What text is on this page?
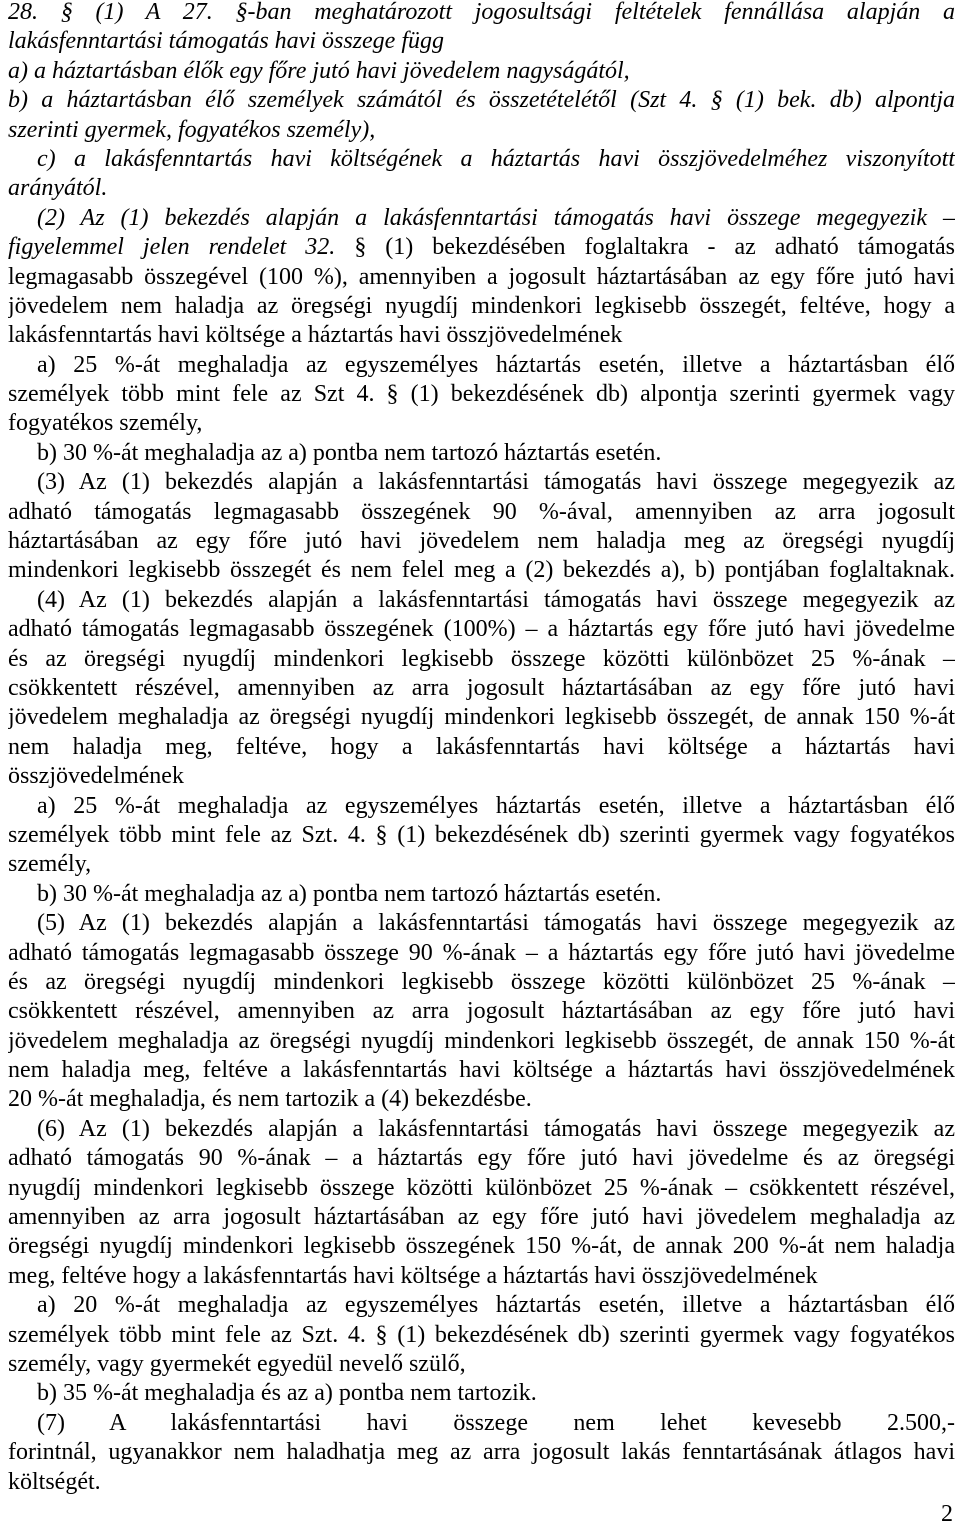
28. § (1) A 27. §-ban meghatározott jogosultsági feltételek fennállása alapján a
lakásfenntartási támogatás havi összege függ
a) a háztartásban élők egy főre jutó havi jövedelem nagyságától,
b) a háztartásban élő személyek számától és összetételétől (Szt 4. § (1) bek. db) alpontja
szerinti gyermek, fogyatékos személy),
c) a lakásfenntartás havi költségének a háztartás havi összjövedelméhez viszonyított
arányától.
(2) Az (1) bekezdés alapján a lakásfenntartási támogatás havi összege megegyezik –
figyelemmel jelen rendelet 32. § (1) bekezdésében foglaltakra - az adható támogatás
legmagasabb összegével (100 %), amennyiben a jogosult háztartásában az egy főre jutó havi
jövedelem nem haladja az öregségi nyugdíj mindenkori legkisebb összegét, feltéve, hogy a
lakásfenntartás havi költsége a háztartás havi összjövedelmének
a) 25 %-át meghaladja az egyszemélyes háztartás esetén, illetve a háztartásban élő
személyek több mint fele az Szt 4. § (1) bekezdésének db) alpontja szerinti gyermek vagy
fogyatékos személy,
b) 30 %-át meghaladja az a) pontba nem tartozó háztartás esetén.
(3) Az (1) bekezdés alapján a lakásfenntartási támogatás havi összege megegyezik az
adható támogatás legmagasabb összegének 90 %-ával, amennyiben az arra jogosult
háztartásában az egy főre jutó havi jövedelem nem haladja meg az öregségi nyugdíj
mindenkori legkisebb összegét és nem felel meg a (2) bekezdés a), b) pontjában foglaltaknak.
(4) Az (1) bekezdés alapján a lakásfenntartási támogatás havi összege megegyezik az
adható támogatás legmagasabb összegének (100%) – a háztartás egy főre jutó havi jövedelme
és az öregségi nyugdíj mindenkori legkisebb összege közötti különbözet 25 %-ának –
csökkentett részével, amennyiben az arra jogosult háztartásában az egy főre jutó havi
jövedelem meghaladja az öregségi nyugdíj mindenkori legkisebb összegét, de annak 150 %-át
nem haladja meg, feltéve, hogy a lakásfenntartás havi költsége a háztartás havi
összjövedelmének
a) 25 %-át meghaladja az egyszemélyes háztartás esetén, illetve a háztartásban élő
személyek több mint fele az Szt. 4. § (1) bekezdésének db) szerinti gyermek vagy fogyatékos
személy,
b) 30 %-át meghaladja az a) pontba nem tartozó háztartás esetén.
(5) Az (1) bekezdés alapján a lakásfenntartási támogatás havi összege megegyezik az
adható támogatás legmagasabb összege 90 %-ának – a háztartás egy főre jutó havi jövedelme
és az öregségi nyugdíj mindenkori legkisebb összege közötti különbözet 25 %-ának –
csökkentett részével, amennyiben az arra jogosult háztartásában az egy főre jutó havi
jövedelem meghaladja az öregségi nyugdíj mindenkori legkisebb összegét, de annak 150 %-át
nem haladja meg, feltéve a lakásfenntartás havi költsége a háztartás havi összjövedelmének
20 %-át meghaladja, és nem tartozik a (4) bekezdésbe.
(6) Az (1) bekezdés alapján a lakásfenntartási támogatás havi összege megegyezik az
adható támogatás 90 %-ának – a háztartás egy főre jutó havi jövedelme és az öregségi
nyugdíj mindenkori legkisebb összege közötti különbözet 25 %-ának – csökkentett részével,
amennyiben az arra jogosult háztartásában az egy főre jutó havi jövedelem meghaladja az
öregségi nyugdíj mindenkori legkisebb összegének 150 %-át, de annak 200 %-át nem haladja
meg, feltéve hogy a lakásfenntartás havi költsége a háztartás havi összjövedelmének
a) 20 %-át meghaladja az egyszemélyes háztartás esetén, illetve a háztartásban élő
személyek több mint fele az Szt. 4. § (1) bekezdésének db) szerinti gyermek vagy fogyatékos
személy, vagy gyermekét egyedül nevelő szülő,
b) 35 %-át meghaladja és az a) pontba nem tartozik.
(7) A lakásfenntartási havi összege nem lehet kevesebb 2.500,-
forintnál, ugyanakkor nem haladhatja meg az arra jogosult lakás fenntartásának átlagos havi
költségét.
2
